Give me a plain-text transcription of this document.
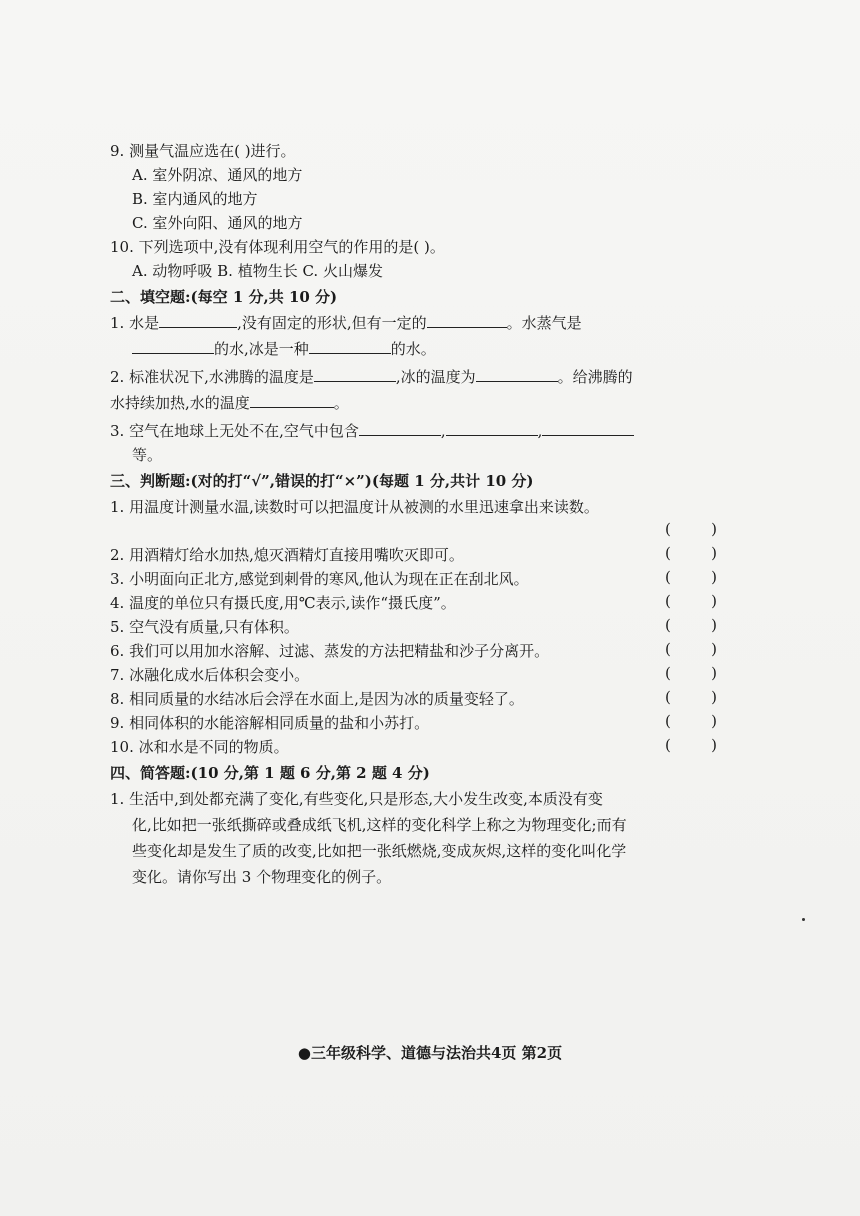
9. 测量气温应选在( )进行。
A. 室外阴凉、通风的地方
B. 室内通风的地方
C. 室外向阳、通风的地方
10. 下列选项中,没有体现利用空气的作用的是( )。
A. 动物呼吸 B. 植物生长 C. 火山爆发
二、填空题:(每空 1 分,共 10 分)
1. 水是	,没有固定的形状,但有一定的	。水蒸气是
的水,冰是一种	的水。
2. 标准状况下,水沸腾的温度是	,冰的温度为	。给沸腾的
水持续加热,水的温度	。
3. 空气在地球上无处不在,空气中包含	,	,
等。
三、判断题:(对的打“√”,错误的打“×”)(每题 1 分,共计 10 分)
1. 用温度计测量水温,读数时可以把温度计从被测的水里迅速拿出来读数。
(	)
2. 用酒精灯给水加热,熄灭酒精灯直接用嘴吹灭即可。	(	)
3. 小明面向正北方,感觉到刺骨的寒风,他认为现在正在刮北风。	(	)
4. 温度的单位只有摄氏度,用℃表示,读作“摄氏度”。	(	)
5. 空气没有质量,只有体积。	(	)
6. 我们可以用加水溶解、过滤、蒸发的方法把精盐和沙子分离开。	(	)
7. 冰融化成水后体积会变小。	(	)
8. 相同质量的水结冰后会浮在水面上,是因为冰的质量变轻了。	(	)
9. 相同体积的水能溶解相同质量的盐和小苏打。	(	)
10. 冰和水是不同的物质。	(	)
四、简答题:(10 分,第 1 题 6 分,第 2 题 4 分)
1. 生活中,到处都充满了变化,有些变化,只是形态,大小发生改变,本质没有变
化,比如把一张纸撕碎或叠成纸飞机,这样的变化科学上称之为物理变化;而有
些变化却是发生了质的改变,比如把一张纸燃烧,变成灰烬,这样的变化叫化学
变化。请你写出 3 个物理变化的例子。
●三年级科学、道德与法治共4页 第2页
